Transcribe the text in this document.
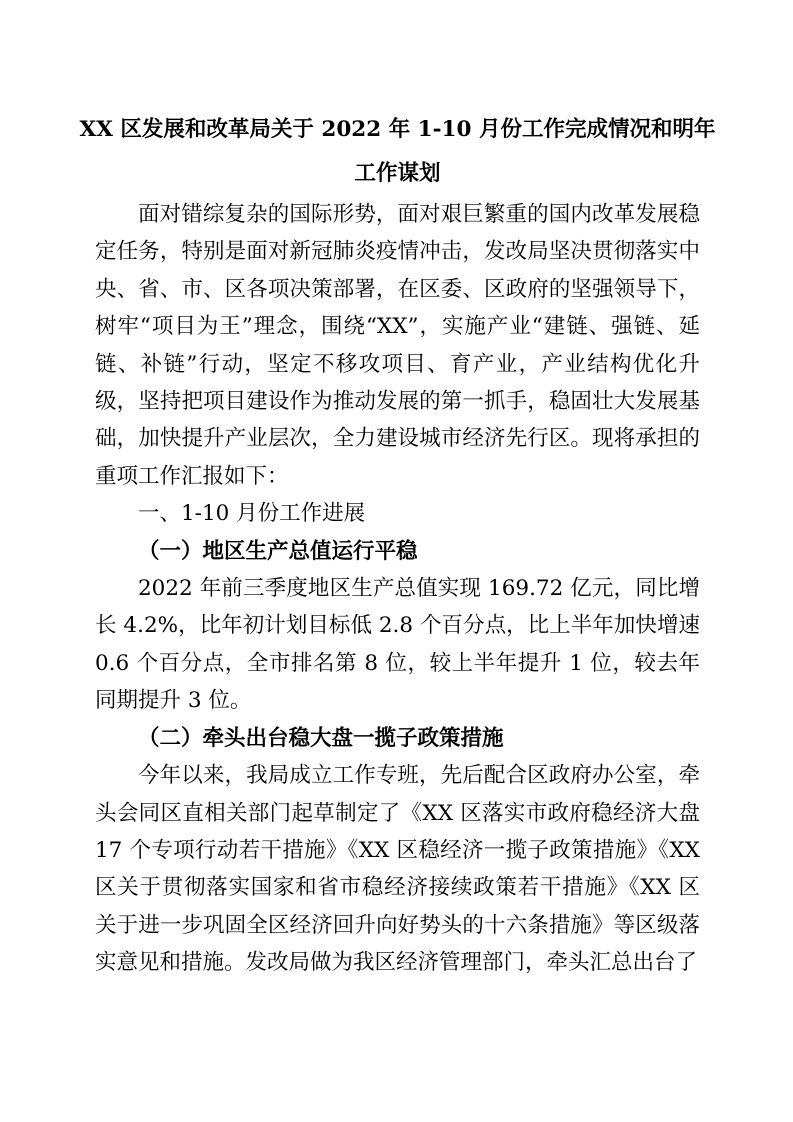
XX 区发展和改革局关于 2022 年 1-10 月份工作完成情况和明年
工作谋划

面对错综复杂的国际形势，面对艰巨繁重的国内改革发展稳定任务，特别是面对新冠肺炎疫情冲击，发改局坚决贯彻落实中央、省、市、区各项决策部署，在区委、区政府的坚强领导下，树牢“项目为王”理念，围绕“XX”，实施产业“建链、强链、延链、补链”行动，坚定不移攻项目、育产业，产业结构优化升级，坚持把项目建设作为推动发展的第一抓手，稳固壮大发展基础，加快提升产业层次，全力建设城市经济先行区。现将承担的重项工作汇报如下：

一、1-10 月份工作进展

（一）地区生产总值运行平稳

2022 年前三季度地区生产总值实现 169.72 亿元，同比增长 4.2%，比年初计划目标低 2.8 个百分点，比上半年加快增速 0.6 个百分点，全市排名第 8 位，较上半年提升 1 位，较去年同期提升 3 位。

（二）牵头出台稳大盘一揽子政策措施

今年以来，我局成立工作专班，先后配合区政府办公室，牵头会同区直相关部门起草制定了《XX 区落实市政府稳经济大盘 17 个专项行动若干措施》《XX 区稳经济一揽子政策措施》《XX 区关于贯彻落实国家和省市稳经济接续政策若干措施》《XX 区关于进一步巩固全区经济回升向好势头的十六条措施》等区级落实意见和措施。发改局做为我区经济管理部门，牵头汇总出台了
